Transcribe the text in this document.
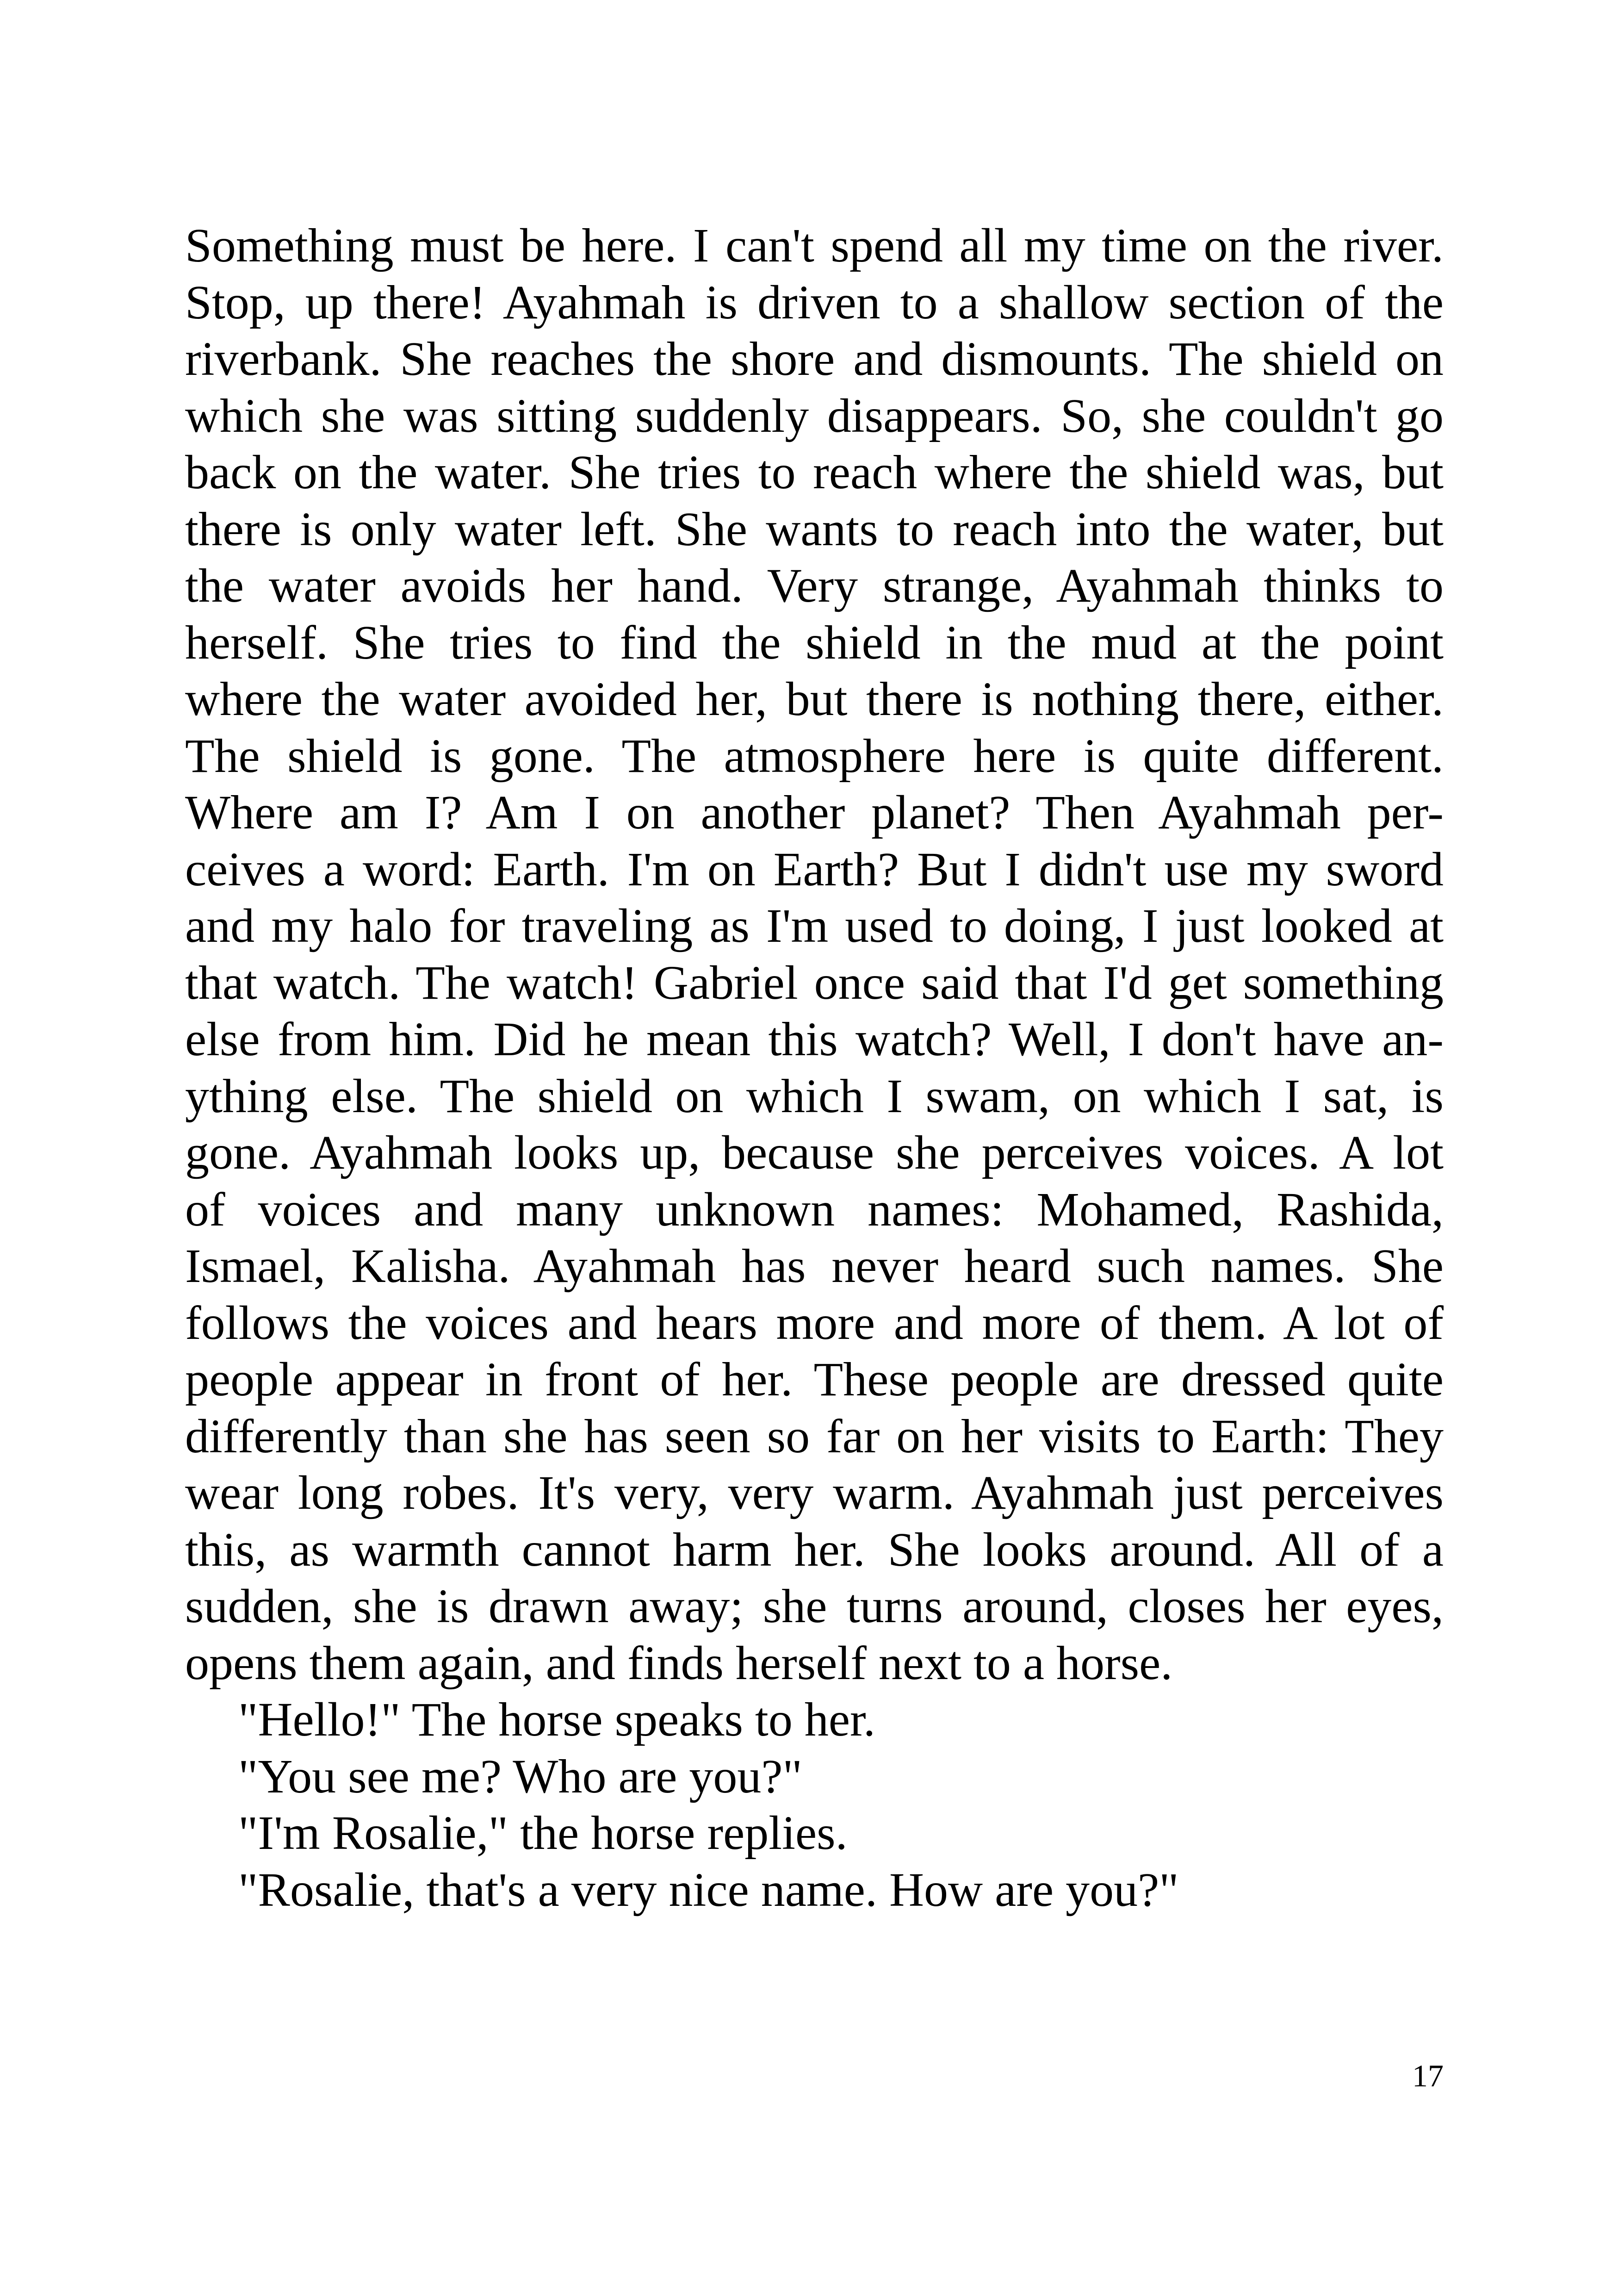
Something must be here. I can't spend all my time on the river.
Stop, up there! Ayahmah is driven to a shallow section of the
riverbank. She reaches the shore and dismounts. The shield on
which she was sitting suddenly disappears. So, she couldn't go
back on the water. She tries to reach where the shield was, but
there is only water left. She wants to reach into the water, but
the water avoids her hand. Very strange, Ayahmah thinks to
herself. She tries to find the shield in the mud at the point
where the water avoided her, but there is nothing there, either.
The shield is gone. The atmosphere here is quite different.
Where am I? Am I on another planet? Then Ayahmah per-
ceives a word: Earth. I'm on Earth? But I didn't use my sword
and my halo for traveling as I'm used to doing, I just looked at
that watch. The watch! Gabriel once said that I'd get something
else from him. Did he mean this watch? Well, I don't have an-
ything else. The shield on which I swam, on which I sat, is
gone. Ayahmah looks up, because she perceives voices. A lot
of voices and many unknown names: Mohamed, Rashida,
Ismael, Kalisha. Ayahmah has never heard such names. She
follows the voices and hears more and more of them. A lot of
people appear in front of her. These people are dressed quite
differently than she has seen so far on her visits to Earth: They
wear long robes. It's very, very warm. Ayahmah just perceives
this, as warmth cannot harm her. She looks around. All of a
sudden, she is drawn away; she turns around, closes her eyes,
opens them again, and finds herself next to a horse.
"Hello!" The horse speaks to her.
"You see me? Who are you?"
"I'm Rosalie," the horse replies.
"Rosalie, that's a very nice name. How are you?"
17
